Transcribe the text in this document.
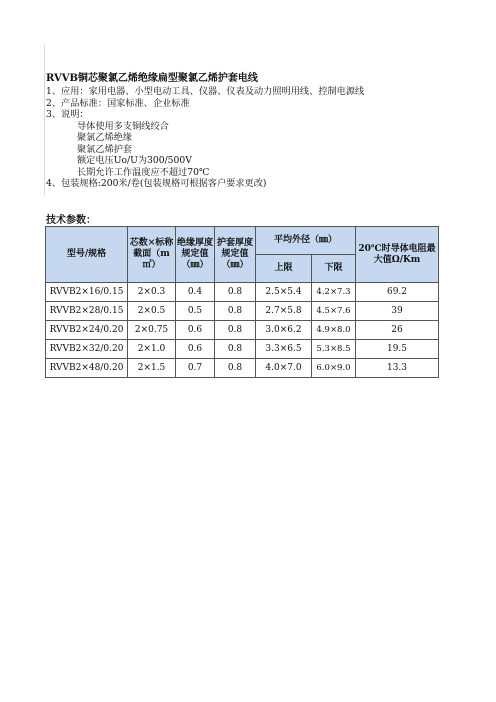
RVVB铜芯聚氯乙烯绝缘扁型聚氯乙烯护套电线
1、应用：家用电器、小型电动工具、仪器、仪表及动力照明用线、控制电源线
2、产品标准：国家标准、企业标准
3、说明：
导体使用多支铜线绞合
聚氯乙烯绝缘
聚氯乙烯护套
额定电压Uo/U为300/500V
长期允许工作温度应不超过70℃
4、包装规格:200米/卷(包装规格可根据客户要求更改)
技术参数：
型号/规格	芯数×标称截面（m㎡）	绝缘厚度规定值（㎜）	护套厚度规定值（㎜）	平均外径（㎜）		20℃时导体电阻最大值Ω/Km
				上限	下限	
RVVB2×16/0.15	2×0.3	0.4	0.8	2.5×5.4	4.2×7.3	69.2
RVVB2×28/0.15	2×0.5	0.5	0.8	2.7×5.8	4.5×7.6	39
RVVB2×24/0.20	2×0.75	0.6	0.8	3.0×6.2	4.9×8.0	26
RVVB2×32/0.20	2×1.0	0.6	0.8	3.3×6.5	5.3×8.5	19.5
RVVB2×48/0.20	2×1.5	0.7	0.8	4.0×7.0	6.0×9.0	13.3
